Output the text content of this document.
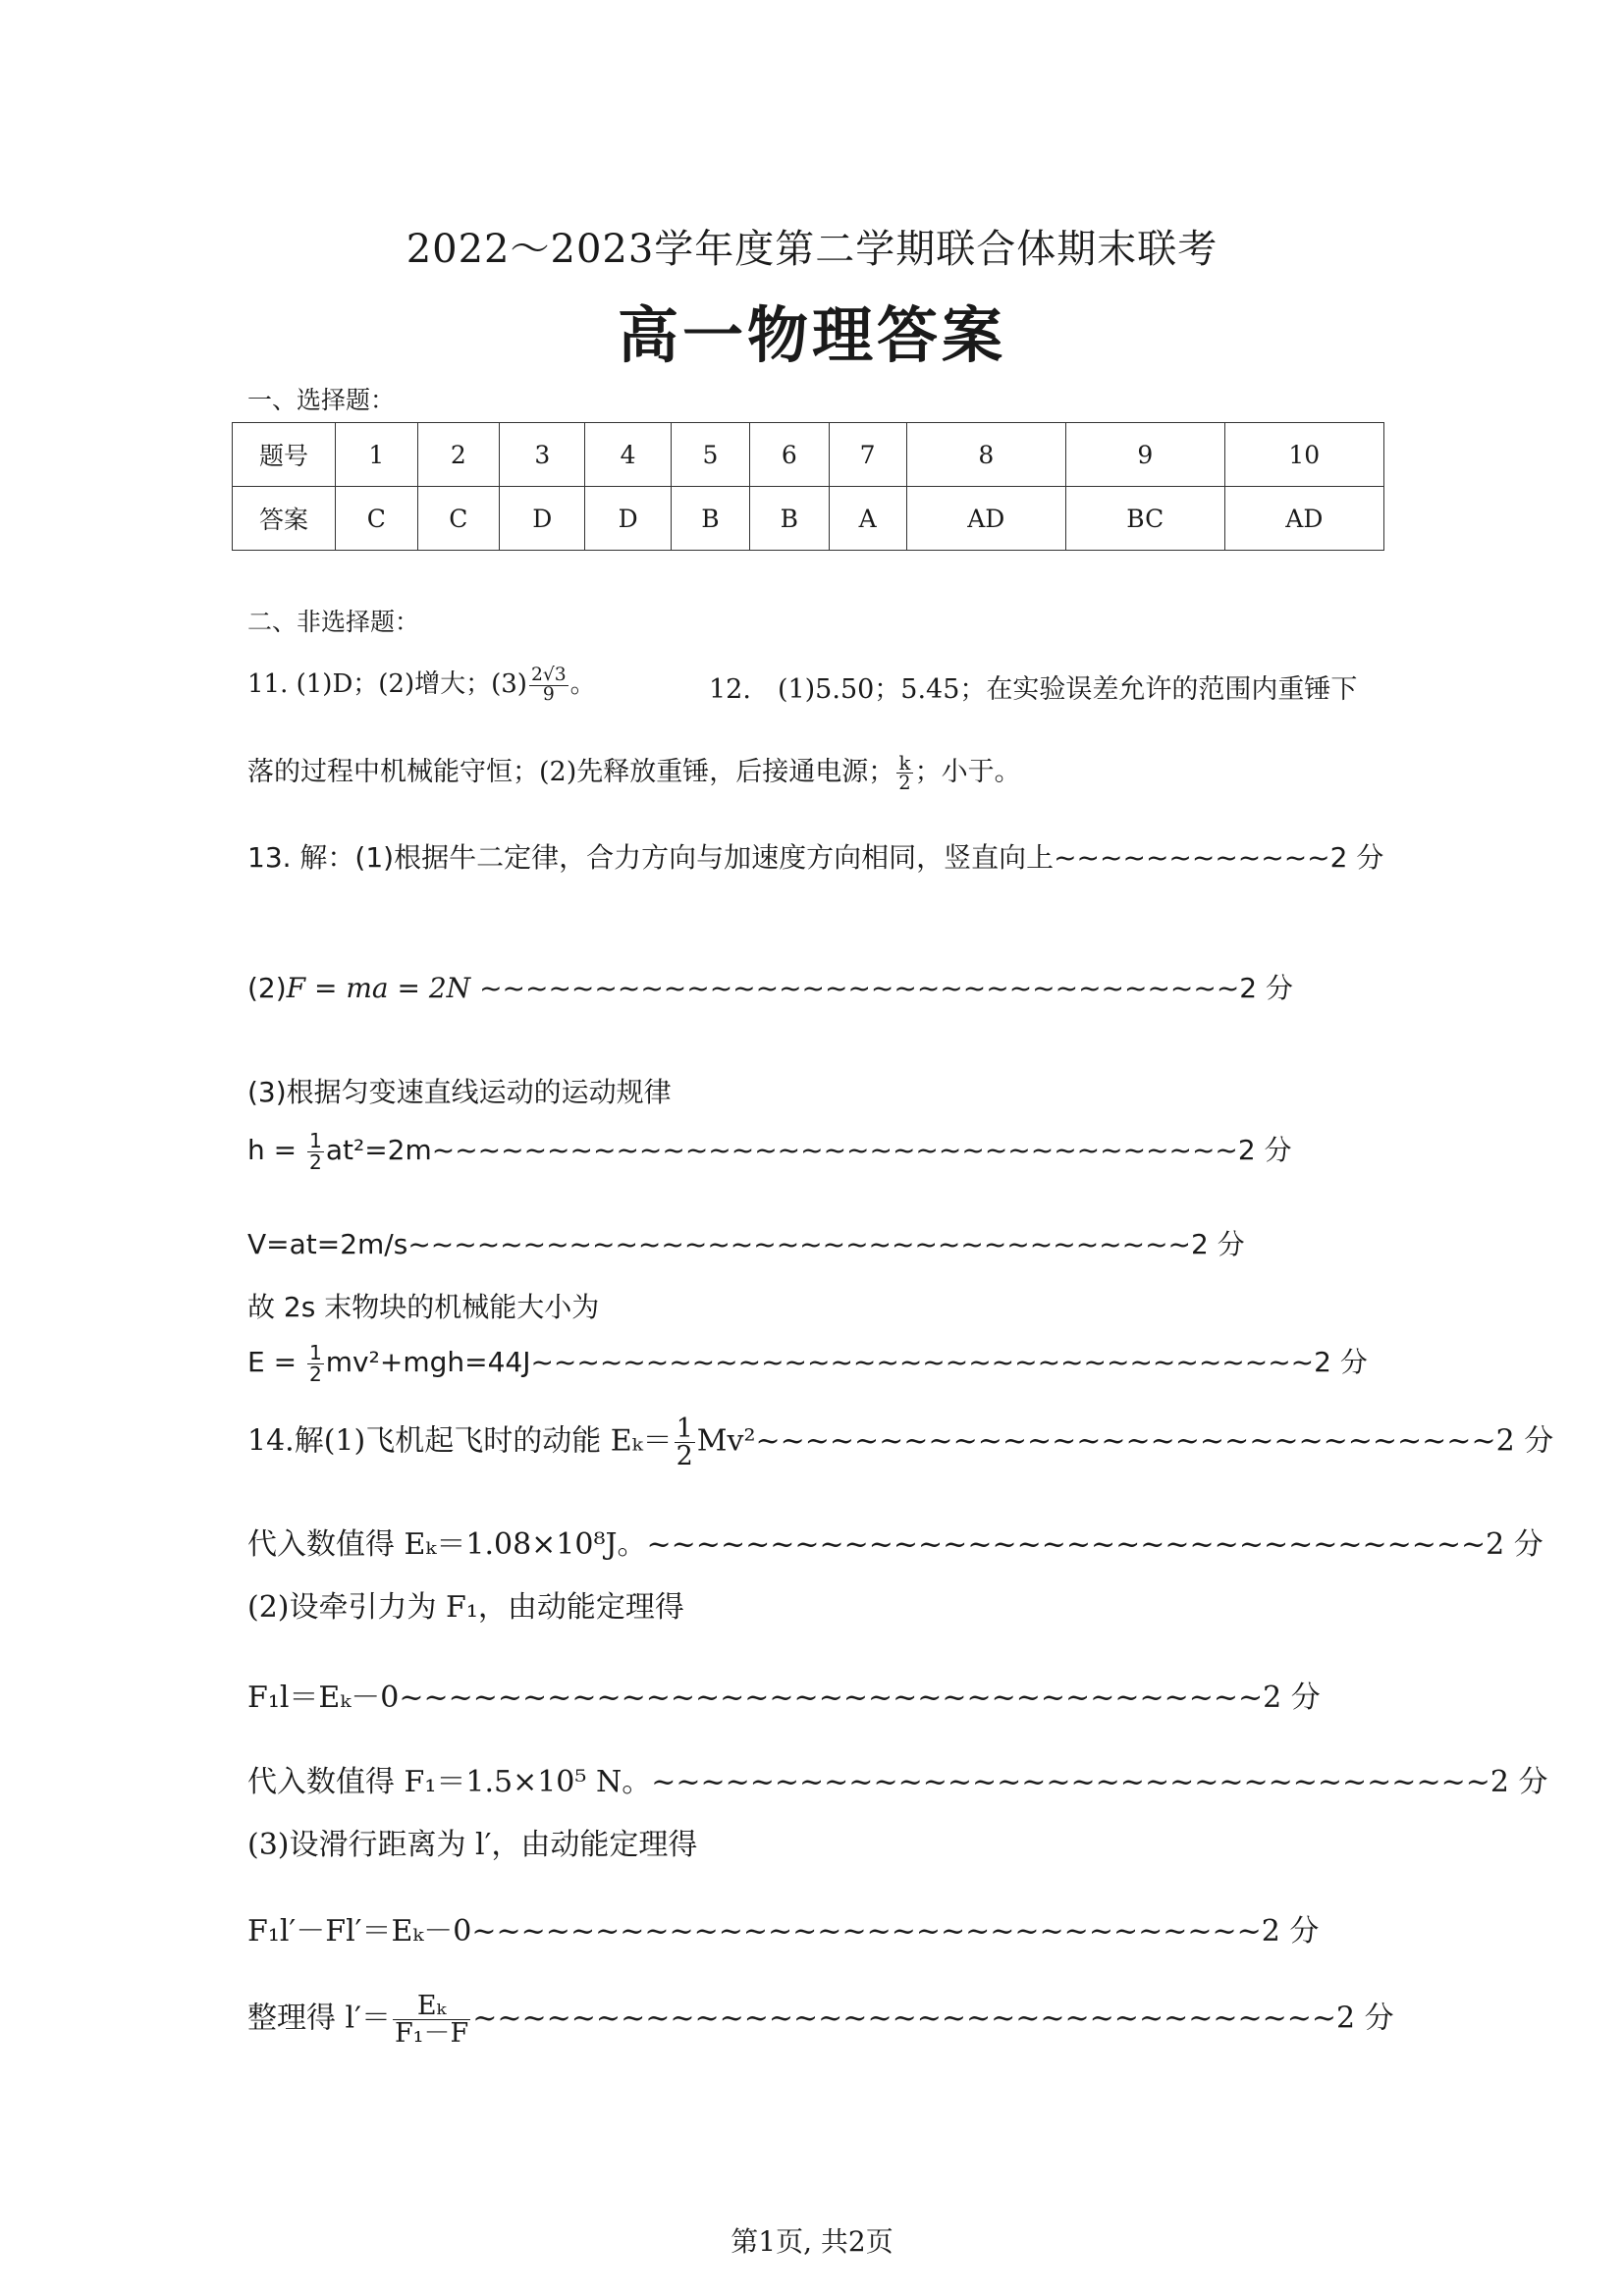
2022～2023学年度第二学期联合体期末联考
高一物理答案
一、选择题：
题号	1	2	3	4	5	6	7	8	9	10
答案	C	C	D	D	B	B	A	AD	BC	AD
二、非选择题：
11. (1)D；(2)增大；$(3) \frac{2√3}{9}$ 。	12.　(1)5.50；5.45；在实验误差允许的范围内重锤下
落的过程中机械能守恒；(2)先释放重锤，后接通电源； $\frac{k}{2}$ ；小于。
13. 解：(1)根据牛二定律，合力方向与加速度方向相同，竖直向上~~~~~~~~~~~~2 分
(2)F = ma = 2N ~~~~~~~~~~~~~~~~~~~~~~~~~~~~~~~~~2 分
(3)根据匀变速直线运动的运动规律
$h = \frac{1}{2}$ at²=2m~~~~~~~~~~~~~~~~~~~~~~~~~~~~~~~~~~~2 分
V=at=2m/s~~~~~~~~~~~~~~~~~~~~~~~~~~~~~~~~~~2 分
故 2s 末物块的机械能大小为
$E = \frac{1}{2}$ mv²+mgh=44J~~~~~~~~~~~~~~~~~~~~~~~~~~~~~~~~~~2 分
14.解(1)飞机起飞时的动能 $E_k= \frac{1}{2}$ Mv²~~~~~~~~~~~~~~~~~~~~~~~~~~~~~~2 分
代入数值得 Eₖ＝1.08×10⁸J。~~~~~~~~~~~~~~~~~~~~~~~~~~~~~~~~~~2 分
(2)设牵引力为 F₁，由动能定理得
F₁l＝Eₖ－0~~~~~~~~~~~~~~~~~~~~~~~~~~~~~~~~~~~2 分
代入数值得 F₁＝1.5×10⁵ N。~~~~~~~~~~~~~~~~~~~~~~~~~~~~~~~~~~2 分
(3)设滑行距离为 l′，由动能定理得
F₁l′－Fl′＝Eₖ－0~~~~~~~~~~~~~~~~~~~~~~~~~~~~~~~~2 分
整理得 $l'= \frac{\text{Eₖ}}{\text{F₁－F}}$ ~~~~~~~~~~~~~~~~~~~~~~~~~~~~~~~~~~~2 分
第1页, 共2页
